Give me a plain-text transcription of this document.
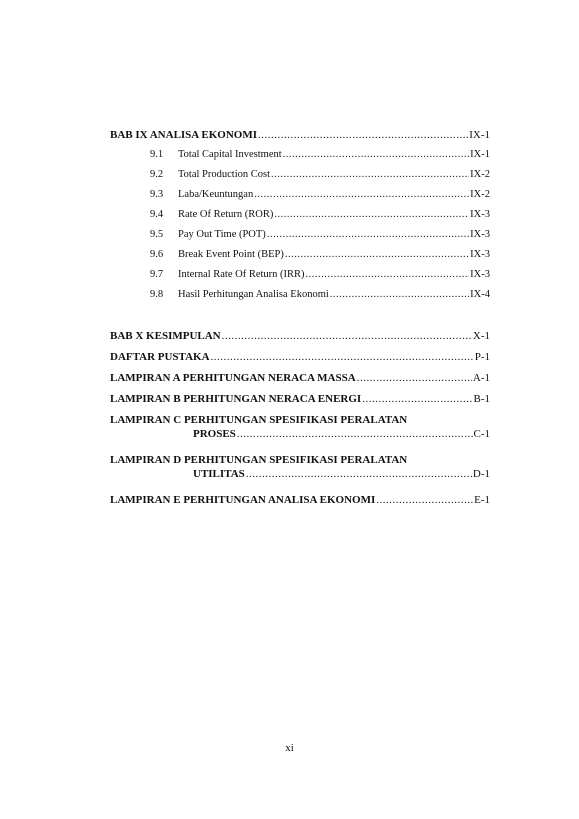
BAB IX ANALISA EKONOMI .....	IX-1
9.1 Total Capital Investment .....	IX-1
9.2 Total Production Cost .....	IX-2
9.3 Laba/Keuntungan .....	IX-2
9.4 Rate Of Return (ROR) .....	IX-3
9.5 Pay Out Time (POT) .....	IX-3
9.6 Break Event Point (BEP) .....	IX-3
9.7 Internal Rate Of Return (IRR) .....	IX-3
9.8 Hasil Perhitungan Analisa Ekonomi .....	IX-4
BAB X KESIMPULAN .....	X-1
DAFTAR PUSTAKA .....	P-1
LAMPIRAN A PERHITUNGAN NERACA MASSA .....	A-1
LAMPIRAN B PERHITUNGAN NERACA ENERGI .....	B-1
LAMPIRAN C PERHITUNGAN SPESIFIKASI PERALATAN
PROSES .....	C-1
LAMPIRAN D PERHITUNGAN SPESIFIKASI PERALATAN
UTILITAS .....	D-1
LAMPIRAN E PERHITUNGAN ANALISA EKONOMI .....	E-1
xi
